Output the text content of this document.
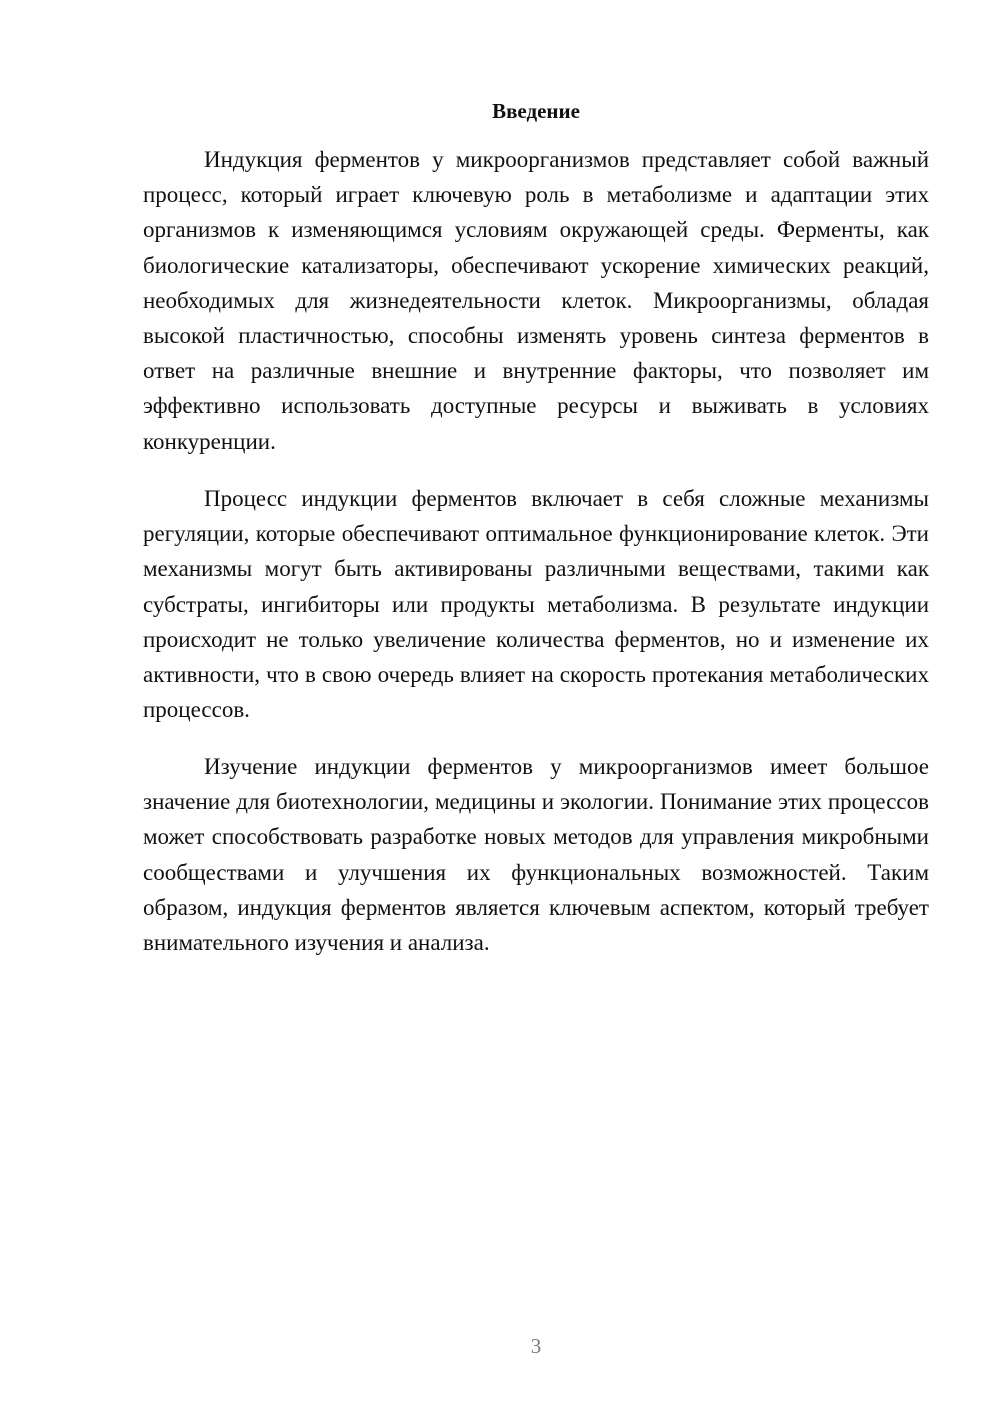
Введение

Индукция ферментов у микроорганизмов представляет собой важный процесс, который играет ключевую роль в метаболизме и адаптации этих организмов к изменяющимся условиям окружающей среды. Ферменты, как биологические катализаторы, обеспечивают ускорение химических реакций, необходимых для жизнедеятельности клеток. Микроорганизмы, обладая высокой пластичностью, способны изменять уровень синтеза ферментов в ответ на различные внешние и внутренние факторы, что позволяет им эффективно использовать доступные ресурсы и выживать в условиях конкуренции.

Процесс индукции ферментов включает в себя сложные механизмы регуляции, которые обеспечивают оптимальное функционирование клеток. Эти механизмы могут быть активированы различными веществами, такими как субстраты, ингибиторы или продукты метаболизма. В результате индукции происходит не только увеличение количества ферментов, но и изменение их активности, что в свою очередь влияет на скорость протекания метаболических процессов.

Изучение индукции ферментов у микроорганизмов имеет большое значение для биотехнологии, медицины и экологии. Понимание этих процессов может способствовать разработке новых методов для управления микробными сообществами и улучшения их функциональных возможностей. Таким образом, индукция ферментов является ключевым аспектом, который требует внимательного изучения и анализа.

3
